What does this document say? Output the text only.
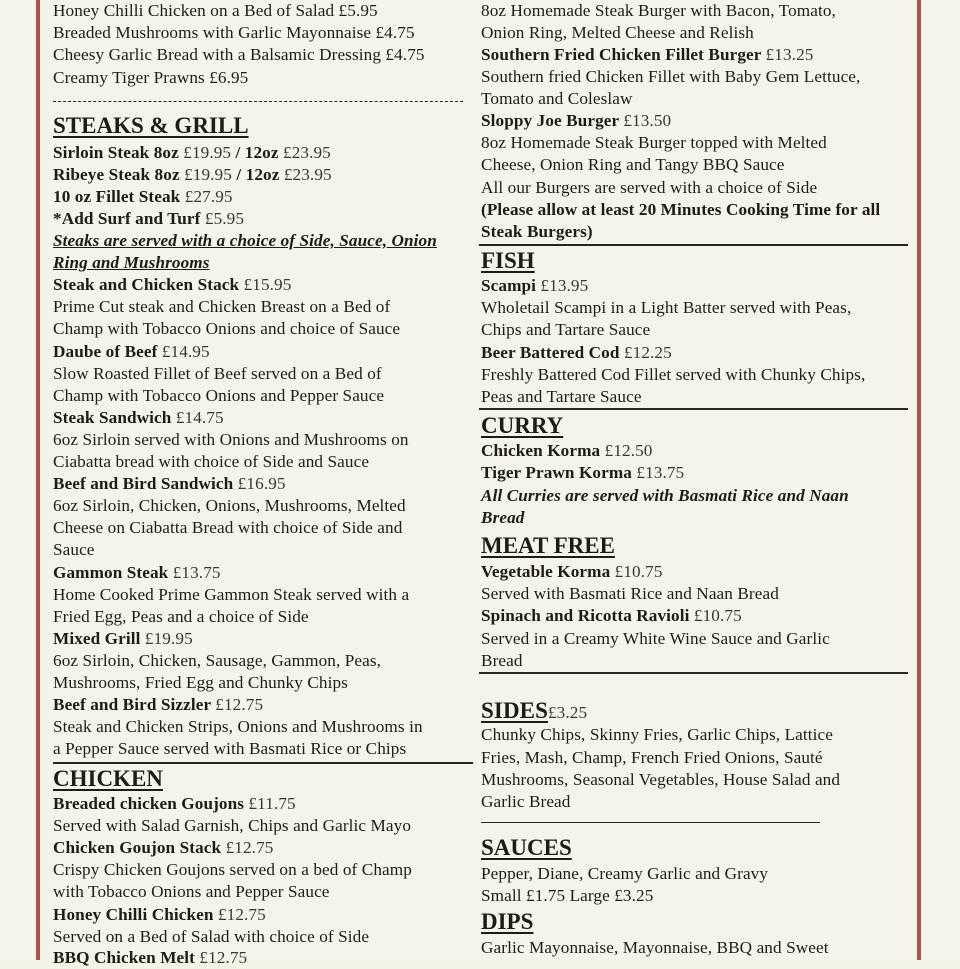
Honey Chilli Chicken on a Bed of Salad £5.95
Breaded Mushrooms with Garlic Mayonnaise £4.75
Cheesy Garlic Bread with a Balsamic Dressing £4.75
Creamy Tiger Prawns £6.95
STEAKS & GRILL
Sirloin Steak 8oz £19.95 / 12oz £23.95
Ribeye Steak 8oz £19.95 / 12oz £23.95
10 oz Fillet Steak £27.95
*Add Surf and Turf £5.95
Steaks are served with a choice of Side, Sauce, Onion
Ring and Mushrooms
Steak and Chicken Stack £15.95
Prime Cut steak and Chicken Breast on a Bed of
Champ with Tobacco Onions and choice of Sauce
Daube of Beef £14.95
Slow Roasted Fillet of Beef served on a Bed of
Champ with Tobacco Onions and Pepper Sauce
Steak Sandwich £14.75
6oz Sirloin served with Onions and Mushrooms on
Ciabatta bread with choice of Side and Sauce
Beef and Bird Sandwich £16.95
6oz Sirloin, Chicken, Onions, Mushrooms, Melted
Cheese on Ciabatta Bread with choice of Side and
Sauce
Gammon Steak £13.75
Home Cooked Prime Gammon Steak served with a
Fried Egg, Peas and a choice of Side
Mixed Grill £19.95
6oz Sirloin, Chicken, Sausage, Gammon, Peas,
Mushrooms, Fried Egg and Chunky Chips
Beef and Bird Sizzler £12.75
Steak and Chicken Strips, Onions and Mushrooms in
a Pepper Sauce served with Basmati Rice or Chips
CHICKEN
Breaded chicken Goujons £11.75
Served with Salad Garnish, Chips and Garlic Mayo
Chicken Goujon Stack £12.75
Crispy Chicken Goujons served on a bed of Champ
with Tobacco Onions and Pepper Sauce
Honey Chilli Chicken £12.75
Served on a Bed of Salad with choice of Side
BBQ Chicken Melt £12.75
8oz Homemade Steak Burger with Bacon, Tomato,
Onion Ring, Melted Cheese and Relish
Southern Fried Chicken Fillet Burger £13.25
Southern fried Chicken Fillet with Baby Gem Lettuce,
Tomato and Coleslaw
Sloppy Joe Burger £13.50
8oz Homemade Steak Burger topped with Melted
Cheese, Onion Ring and Tangy BBQ Sauce
All our Burgers are served with a choice of Side
(Please allow at least 20 Minutes Cooking Time for all
Steak Burgers)
FISH
Scampi £13.95
Wholetail Scampi in a Light Batter served with Peas,
Chips and Tartare Sauce
Beer Battered Cod £12.25
Freshly Battered Cod Fillet served with Chunky Chips,
Peas and Tartare Sauce
CURRY
Chicken Korma £12.50
Tiger Prawn Korma £13.75
All Curries are served with Basmati Rice and Naan
Bread
MEAT FREE
Vegetable Korma £10.75
Served with Basmati Rice and Naan Bread
Spinach and Ricotta Ravioli £10.75
Served in a Creamy White Wine Sauce and Garlic
Bread
SIDES£3.25
Chunky Chips, Skinny Fries, Garlic Chips, Lattice
Fries, Mash, Champ, French Fried Onions, Sauté
Mushrooms, Seasonal Vegetables, House Salad and
Garlic Bread
SAUCES
Pepper, Diane, Creamy Garlic and Gravy
Small £1.75 Large £3.25
DIPS
Garlic Mayonnaise, Mayonnaise, BBQ and Sweet
